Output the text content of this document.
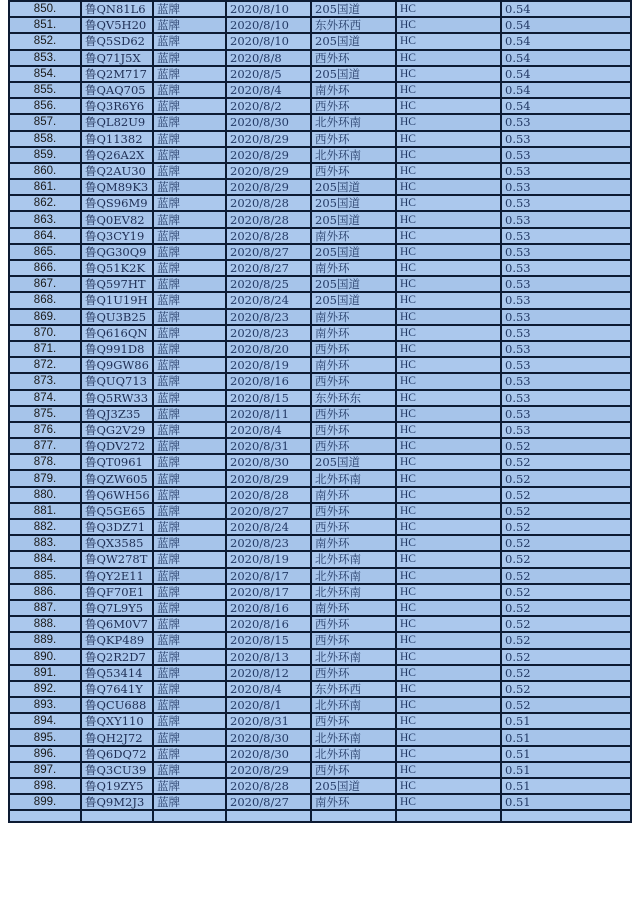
850.	鲁QN81L6	蓝牌	2020/8/10	205国道	HC	0.54
851.	鲁QV5H20	蓝牌	2020/8/10	东外环西	HC	0.54
852.	鲁Q5SD62	蓝牌	2020/8/10	205国道	HC	0.54
853.	鲁Q71J5X	蓝牌	2020/8/8	西外环	HC	0.54
854.	鲁Q2M717	蓝牌	2020/8/5	205国道	HC	0.54
855.	鲁QAQ705	蓝牌	2020/8/4	南外环	HC	0.54
856.	鲁Q3R6Y6	蓝牌	2020/8/2	西外环	HC	0.54
857.	鲁QL82U9	蓝牌	2020/8/30	北外环南	HC	0.53
858.	鲁Q11382	蓝牌	2020/8/29	西外环	HC	0.53
859.	鲁Q26A2X	蓝牌	2020/8/29	北外环南	HC	0.53
860.	鲁Q2AU30	蓝牌	2020/8/29	西外环	HC	0.53
861.	鲁QM89K3	蓝牌	2020/8/29	205国道	HC	0.53
862.	鲁QS96M9	蓝牌	2020/8/28	205国道	HC	0.53
863.	鲁Q0EV82	蓝牌	2020/8/28	205国道	HC	0.53
864.	鲁Q3CY19	蓝牌	2020/8/28	南外环	HC	0.53
865.	鲁QG30Q9	蓝牌	2020/8/27	205国道	HC	0.53
866.	鲁Q51K2K	蓝牌	2020/8/27	南外环	HC	0.53
867.	鲁Q597HT	蓝牌	2020/8/25	205国道	HC	0.53
868.	鲁Q1U19H	蓝牌	2020/8/24	205国道	HC	0.53
869.	鲁QU3B25	蓝牌	2020/8/23	南外环	HC	0.53
870.	鲁Q616QN	蓝牌	2020/8/23	南外环	HC	0.53
871.	鲁Q991D8	蓝牌	2020/8/20	西外环	HC	0.53
872.	鲁Q9GW86	蓝牌	2020/8/19	南外环	HC	0.53
873.	鲁QUQ713	蓝牌	2020/8/16	西外环	HC	0.53
874.	鲁Q5RW33	蓝牌	2020/8/15	东外环东	HC	0.53
875.	鲁QJ3Z35	蓝牌	2020/8/11	西外环	HC	0.53
876.	鲁QG2V29	蓝牌	2020/8/4	西外环	HC	0.53
877.	鲁QDV272	蓝牌	2020/8/31	西外环	HC	0.52
878.	鲁QT0961	蓝牌	2020/8/30	205国道	HC	0.52
879.	鲁QZW605	蓝牌	2020/8/29	北外环南	HC	0.52
880.	鲁Q6WH56	蓝牌	2020/8/28	南外环	HC	0.52
881.	鲁Q5GE65	蓝牌	2020/8/27	西外环	HC	0.52
882.	鲁Q3DZ71	蓝牌	2020/8/24	西外环	HC	0.52
883.	鲁QX3585	蓝牌	2020/8/23	南外环	HC	0.52
884.	鲁QW278T	蓝牌	2020/8/19	北外环南	HC	0.52
885.	鲁QY2E11	蓝牌	2020/8/17	北外环南	HC	0.52
886.	鲁QF70E1	蓝牌	2020/8/17	北外环南	HC	0.52
887.	鲁Q7L9Y5	蓝牌	2020/8/16	南外环	HC	0.52
888.	鲁Q6M0V7	蓝牌	2020/8/16	西外环	HC	0.52
889.	鲁QKP489	蓝牌	2020/8/15	西外环	HC	0.52
890.	鲁Q2R2D7	蓝牌	2020/8/13	北外环南	HC	0.52
891.	鲁Q53414	蓝牌	2020/8/12	西外环	HC	0.52
892.	鲁Q7641Y	蓝牌	2020/8/4	东外环西	HC	0.52
893.	鲁QCU688	蓝牌	2020/8/1	北外环南	HC	0.52
894.	鲁QXY110	蓝牌	2020/8/31	西外环	HC	0.51
895.	鲁QH2J72	蓝牌	2020/8/30	北外环南	HC	0.51
896.	鲁Q6DQ72	蓝牌	2020/8/30	北外环南	HC	0.51
897.	鲁Q3CU39	蓝牌	2020/8/29	西外环	HC	0.51
898.	鲁Q19ZY5	蓝牌	2020/8/28	205国道	HC	0.51
899.	鲁Q9M2J3	蓝牌	2020/8/27	南外环	HC	0.51
